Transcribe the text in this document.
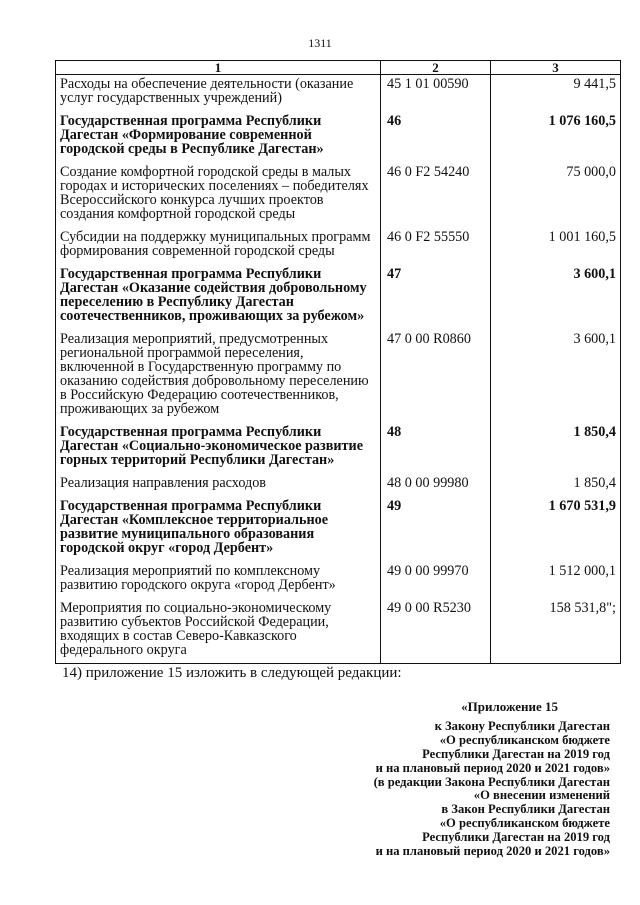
1311
1	2	3
Расходы на обеспечение деятельности (оказание услуг государственных учреждений)	45 1 01 00590	9 441,5
Государственная программа Республики Дагестан «Формирование современной городской среды в Республике Дагестан»	46	1 076 160,5
Создание комфортной городской среды в малых городах и исторических поселениях – победителях Всероссийского конкурса лучших проектов создания комфортной городской среды	46 0 F2 54240	75 000,0
Субсидии на поддержку муниципальных программ формирования современной городской среды	46 0 F2 55550	1 001 160,5
Государственная программа Республики Дагестан «Оказание содействия добровольному переселению в Республику Дагестан соотечественников, проживающих за рубежом»	47	3 600,1
Реализация мероприятий, предусмотренных региональной программой переселения, включенной в Государственную программу по оказанию содействия добровольному переселению в Российскую Федерацию соотечественников, проживающих за рубежом	47 0 00 R0860	3 600,1
Государственная программа Республики Дагестан «Социально-экономическое развитие горных территорий Республики Дагестан»	48	1 850,4
Реализация направления расходов	48 0 00 99980	1 850,4
Государственная программа Республики Дагестан «Комплексное территориальное развитие муниципального образования городской округ «город Дербент»	49	1 670 531,9
Реализация мероприятий по комплексному развитию городского округа «город Дербент»	49 0 00 99970	1 512 000,1
Мероприятия по социально-экономическому развитию субъектов Российской Федерации, входящих в состав Северо-Кавказского федерального округа	49 0 00 R5230	158 531,8";
14) приложение 15 изложить в следующей редакции:
«Приложение 15
к Закону Республики Дагестан
«О республиканском бюджете
Республики Дагестан на 2019 год
и на плановый период 2020 и 2021 годов»
(в редакции Закона Республики Дагестан
«О внесении изменений
в Закон Республики Дагестан
«О республиканском бюджете
Республики Дагестан на 2019 год
и на плановый период 2020 и 2021 годов»
